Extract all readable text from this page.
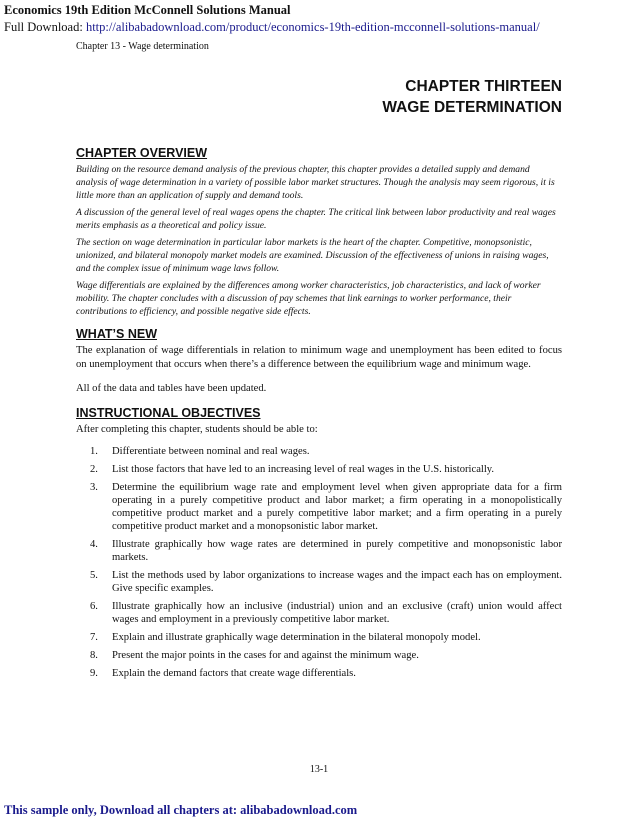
Economics 19th Edition McConnell Solutions Manual
Full Download: http://alibabadownload.com/product/economics-19th-edition-mcconnell-solutions-manual/
Chapter 13 - Wage determination
CHAPTER THIRTEEN
WAGE DETERMINATION
CHAPTER OVERVIEW

Building on the resource demand analysis of the previous chapter, this chapter provides a detailed supply and demand analysis of wage determination in a variety of possible labor market structures. Though the analysis may seem rigorous, it is little more than an application of supply and demand tools.

A discussion of the general level of real wages opens the chapter. The critical link between labor productivity and real wages merits emphasis as a theoretical and policy issue.

The section on wage determination in particular labor markets is the heart of the chapter. Competitive, monopsonistic, unionized, and bilateral monopoly market models are examined. Discussion of the effectiveness of unions in raising wages, and the complex issue of minimum wage laws follow.

Wage differentials are explained by the differences among worker characteristics, job characteristics, and lack of worker mobility. The chapter concludes with a discussion of pay schemes that link earnings to worker performance, their contributions to efficiency, and possible negative side effects.

WHAT’S NEW

The explanation of wage differentials in relation to minimum wage and unemployment has been edited to focus on unemployment that occurs when there’s a difference between the equilibrium wage and minimum wage.

All of the data and tables have been updated.

INSTRUCTIONAL OBJECTIVES

After completing this chapter, students should be able to:

1.	Differentiate between nominal and real wages.
2.	List those factors that have led to an increasing level of real wages in the U.S. historically.
3.	Determine the equilibrium wage rate and employment level when given appropriate data for a firm operating in a purely competitive product and labor market; a firm operating in a monopolistically competitive product market and a purely competitive labor market; and a firm operating in a purely competitive product market and a monopsonistic labor market.
4.	Illustrate graphically how wage rates are determined in purely competitive and monopsonistic labor markets.
5.	List the methods used by labor organizations to increase wages and the impact each has on employment. Give specific examples.
6.	Illustrate graphically how an inclusive (industrial) union and an exclusive (craft) union would affect wages and employment in a previously competitive labor market.
7.	Explain and illustrate graphically wage determination in the bilateral monopoly model.
8.	Present the major points in the cases for and against the minimum wage.
9.	Explain the demand factors that create wage differentials.
13-1
This sample only, Download all chapters at: alibabadownload.com
